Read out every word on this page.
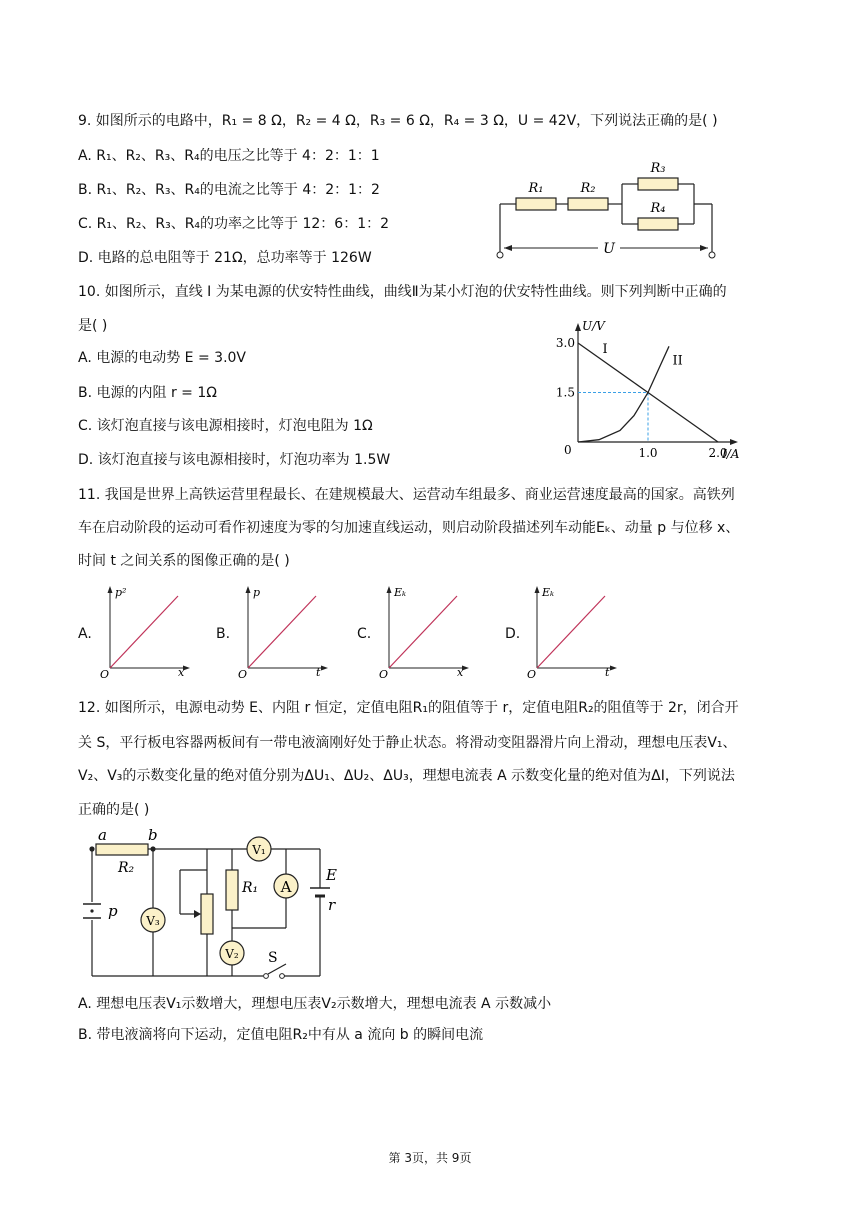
9. 如图所示的电路中，R₁ = 8 Ω，R₂ = 4 Ω，R₃ = 6 Ω，R₄ = 3 Ω，U = 42V，下列说法正确的是( )
A. R₁、R₂、R₃、R₄的电压之比等于 4：2：1：1
B. R₁、R₂、R₃、R₄的电流之比等于 4：2：1：2
C. R₁、R₂、R₃、R₄的功率之比等于 12：6：1：2
D. 电路的总电阻等于 21Ω，总功率等于 126W
U
R₁	R₂
R₃
R₄
10. 如图所示，直线 I 为某电源的伏安特性曲线，曲线Ⅱ为某小灯泡的伏安特性曲线。则下列判断中正确的
是( )
A. 电源的电动势 E = 3.0V
B. 电源的内阻 r = 1Ω
C. 该灯泡直接与该电源相接时，灯泡电阻为 1Ω
D. 该灯泡直接与该电源相接时，灯泡功率为 1.5W
U/V
I/A
0
I
II
1.0	2.0
1.5
3.0
11. 我国是世界上高铁运营里程最长、在建规模最大、运营动车组最多、商业运营速度最高的国家。高铁列
车在启动阶段的运动可看作初速度为零的匀加速直线运动，则启动阶段描述列车动能Eₖ、动量 p 与位移 x、
时间 t 之间关系的图像正确的是( )
A.
p²
x
O
B.
p
t
O
C.
Eₖ
x
O
D.
Eₖ
t
O
12. 如图所示，电源电动势 E、内阻 r 恒定，定值电阻R₁的阻值等于 r，定值电阻R₂的阻值等于 2r，闭合开
关 S，平行板电容器两板间有一带电液滴刚好处于静止状态。将滑动变阻器滑片向上滑动，理想电压表V₁、
V₂、V₃的示数变化量的绝对值分别为ΔU₁、ΔU₂、ΔU₃，理想电流表 A 示数变化量的绝对值为ΔI，下列说法
正确的是( )
S
p
a	b
R₂
V₃
R₁
V₁
A
V₂
E
r
A. 理想电压表V₁示数增大，理想电压表V₂示数增大，理想电流表 A 示数减小
B. 带电液滴将向下运动，定值电阻R₂中有从 a 流向 b 的瞬间电流
第 3页，共 9页
